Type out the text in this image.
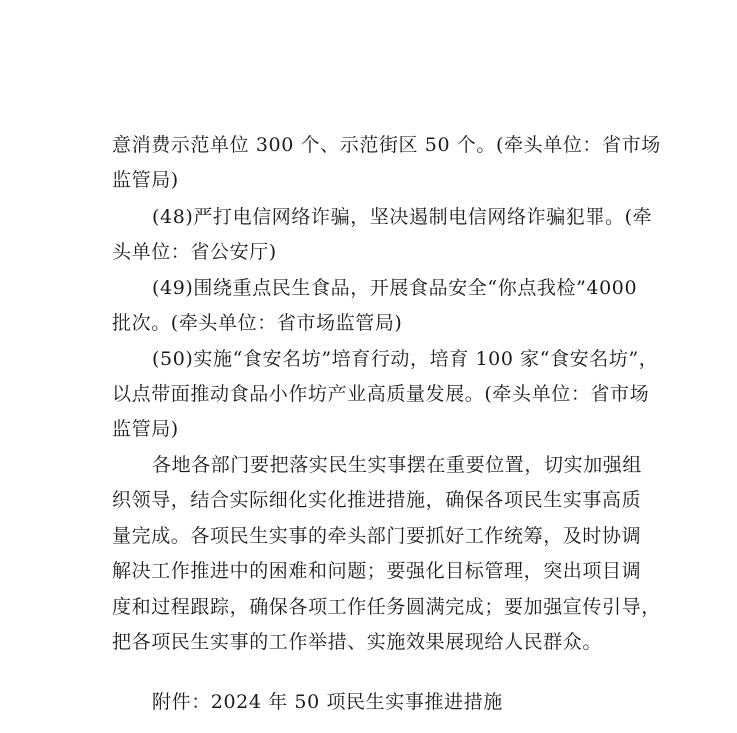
意消费示范单位 300 个、示范街区 50 个。(牵头单位：省市场
监管局)
(48)严打电信网络诈骗，坚决遏制电信网络诈骗犯罪。(牵
头单位：省公安厅)
(49)围绕重点民生食品，开展食品安全“你点我检”4000
批次。(牵头单位：省市场监管局)
(50)实施“食安名坊”培育行动，培育 100 家“食安名坊”，
以点带面推动食品小作坊产业高质量发展。(牵头单位：省市场
监管局)
各地各部门要把落实民生实事摆在重要位置，切实加强组
织领导，结合实际细化实化推进措施，确保各项民生实事高质
量完成。各项民生实事的牵头部门要抓好工作统筹，及时协调
解决工作推进中的困难和问题；要强化目标管理，突出项目调
度和过程跟踪，确保各项工作任务圆满完成；要加强宣传引导，
把各项民生实事的工作举措、实施效果展现给人民群众。
附件：2024 年 50 项民生实事推进措施
